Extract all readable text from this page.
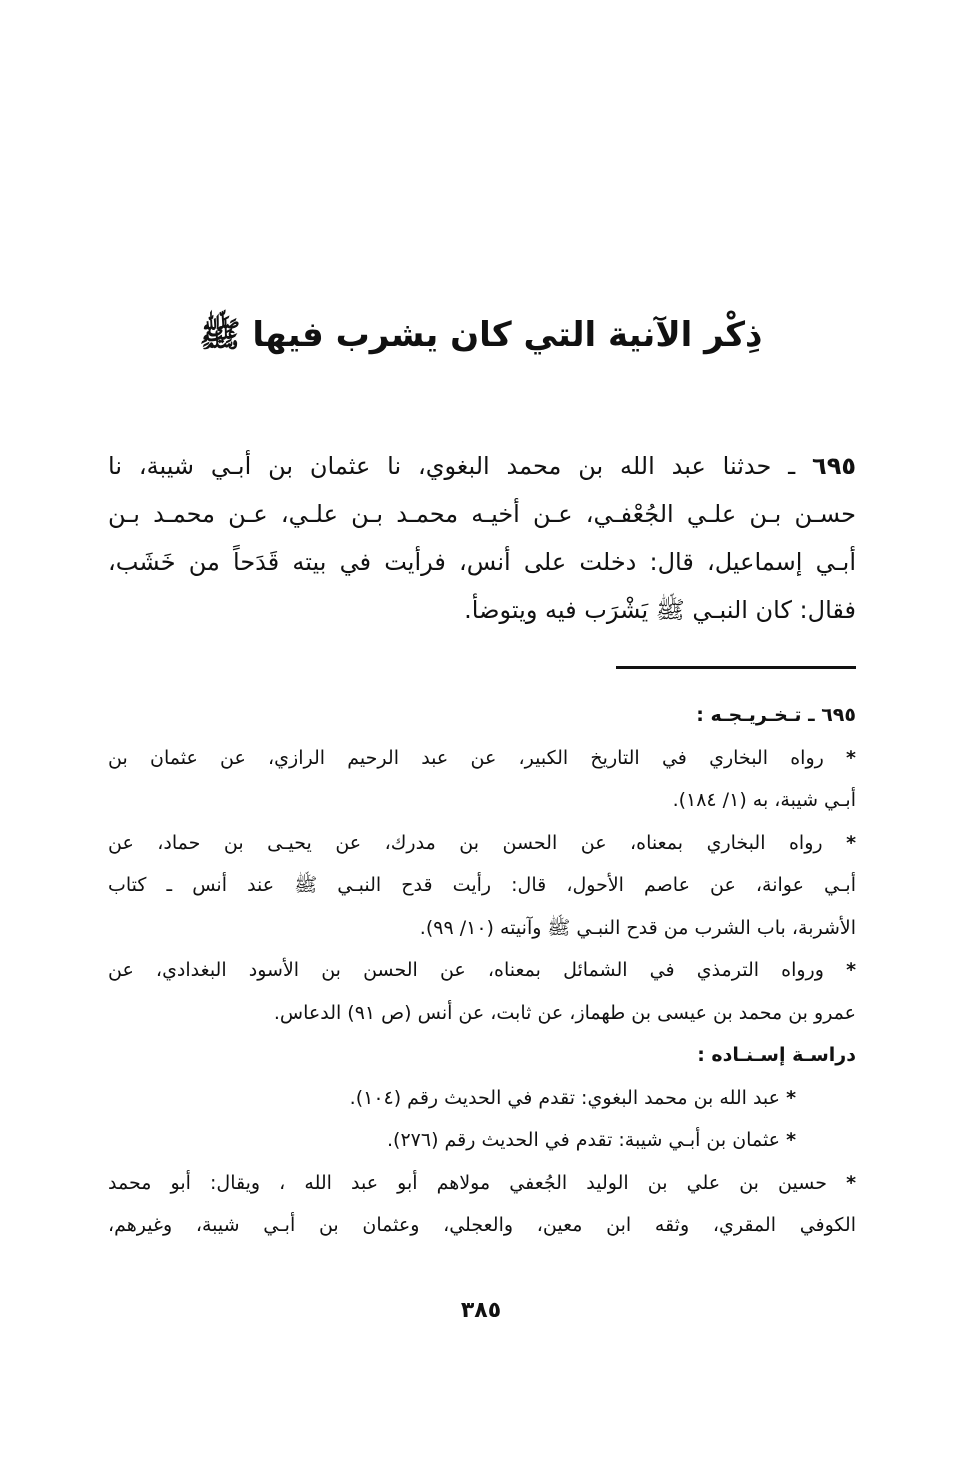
ذِكْر الآنية التي كان يشرب فيها ﷺ
٦٩٥ ـ حدثنا عبد الله بن محمد البغوي، نا عثمان بن أبـي شيبة، نا
حسـن بـن علـي الجُعْفـي، عـن أخيـه محمـد بـن علـي، عـن محمـد بـن
أبـي إسماعيل، قال: دخلت على أنس، فرأيت في بيته قَدَحاً من خَشَب،
فقال: كان النبـي ﷺ يَشْرَب فيه ويتوضأ.
٦٩٥ ـ تـخـريـجـه :
* رواه البخاري في التاريخ الكبير، عن عبد الرحيم الرازي، عن عثمان بن
أبـي شيبة، به (١/ ١٨٤).
* رواه البخاري بمعناه، عن الحسن بن مدرك، عن يحيـى بن حماد، عن
أبـي عوانة، عن عاصم الأحول، قال: رأيت قدح النبـي ﷺ عند أنس ـ كتاب
الأشربة، باب الشرب من قدح النبـي ﷺ وآنيته (١٠/ ٩٩).
* ورواه الترمذي في الشمائل بمعناه، عن الحسن بن الأسود البغدادي، عن
عمرو بن محمد بن عيسى بن طهماز، عن ثابت، عن أنس (ص ٩١) الدعاس.
دراسـة إسـنـاده :
* عبد الله بن محمد البغوي: تقدم في الحديث رقم (١٠٤).
* عثمان بن أبـي شيبة: تقدم في الحديث رقم (٢٧٦).
* حسين بن علي بن الوليد الجُعفي مولاهم أبو عبد الله ، ويقال: أبو محمد
الكوفي المقري، وثقه ابن معين، والعجلي، وعثمان بن أبـي شيبة، وغيرهم،
٣٨٥
